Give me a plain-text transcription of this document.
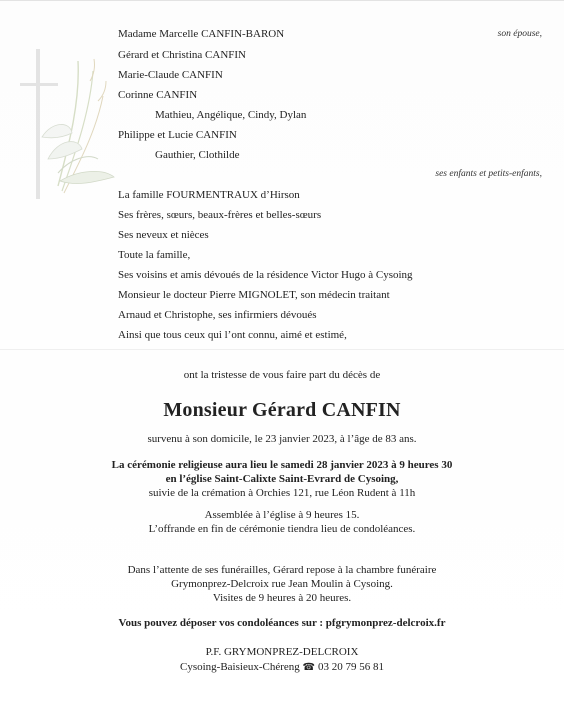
Madame Marcelle CANFIN-BARON	son épouse,
Gérard et Christina CANFIN
Marie-Claude CANFIN
Corinne CANFIN
Mathieu, Angélique, Cindy, Dylan
Philippe et Lucie CANFIN
Gauthier, Clothilde
ses enfants et petits-enfants,
La famille FOURMENTRAUX d’Hirson
Ses frères, sœurs, beaux-frères et belles-sœurs
Ses neveux et nièces
Toute la famille,
Ses voisins et amis dévoués de la résidence Victor Hugo à Cysoing
Monsieur le docteur Pierre MIGNOLET, son médecin traitant
Arnaud et Christophe, ses infirmiers dévoués
Ainsi que tous ceux qui l’ont connu, aimé et estimé,
ont la tristesse de vous faire part du décès de
Monsieur Gérard CANFIN
survenu à son domicile, le 23 janvier 2023, à l’âge de 83 ans.
La cérémonie religieuse aura lieu le samedi 28 janvier 2023 à 9 heures 30
en l’église Saint-Calixte Saint-Evrard de Cysoing,
suivie de la crémation à Orchies 121, rue Léon Rudent à 11h
Assemblée à l’église à 9 heures 15.
L’offrande en fin de cérémonie tiendra lieu de condoléances.
Dans l’attente de ses funérailles, Gérard repose à la chambre funéraire
Grymonprez-Delcroix rue Jean Moulin à Cysoing.
Visites de 9 heures à 20 heures.
Vous pouvez déposer vos condoléances sur : pfgrymonprez-delcroix.fr
P.F. GRYMONPREZ-DELCROIX
Cysoing-Baisieux-Chéreng ☎ 03 20 79 56 81
